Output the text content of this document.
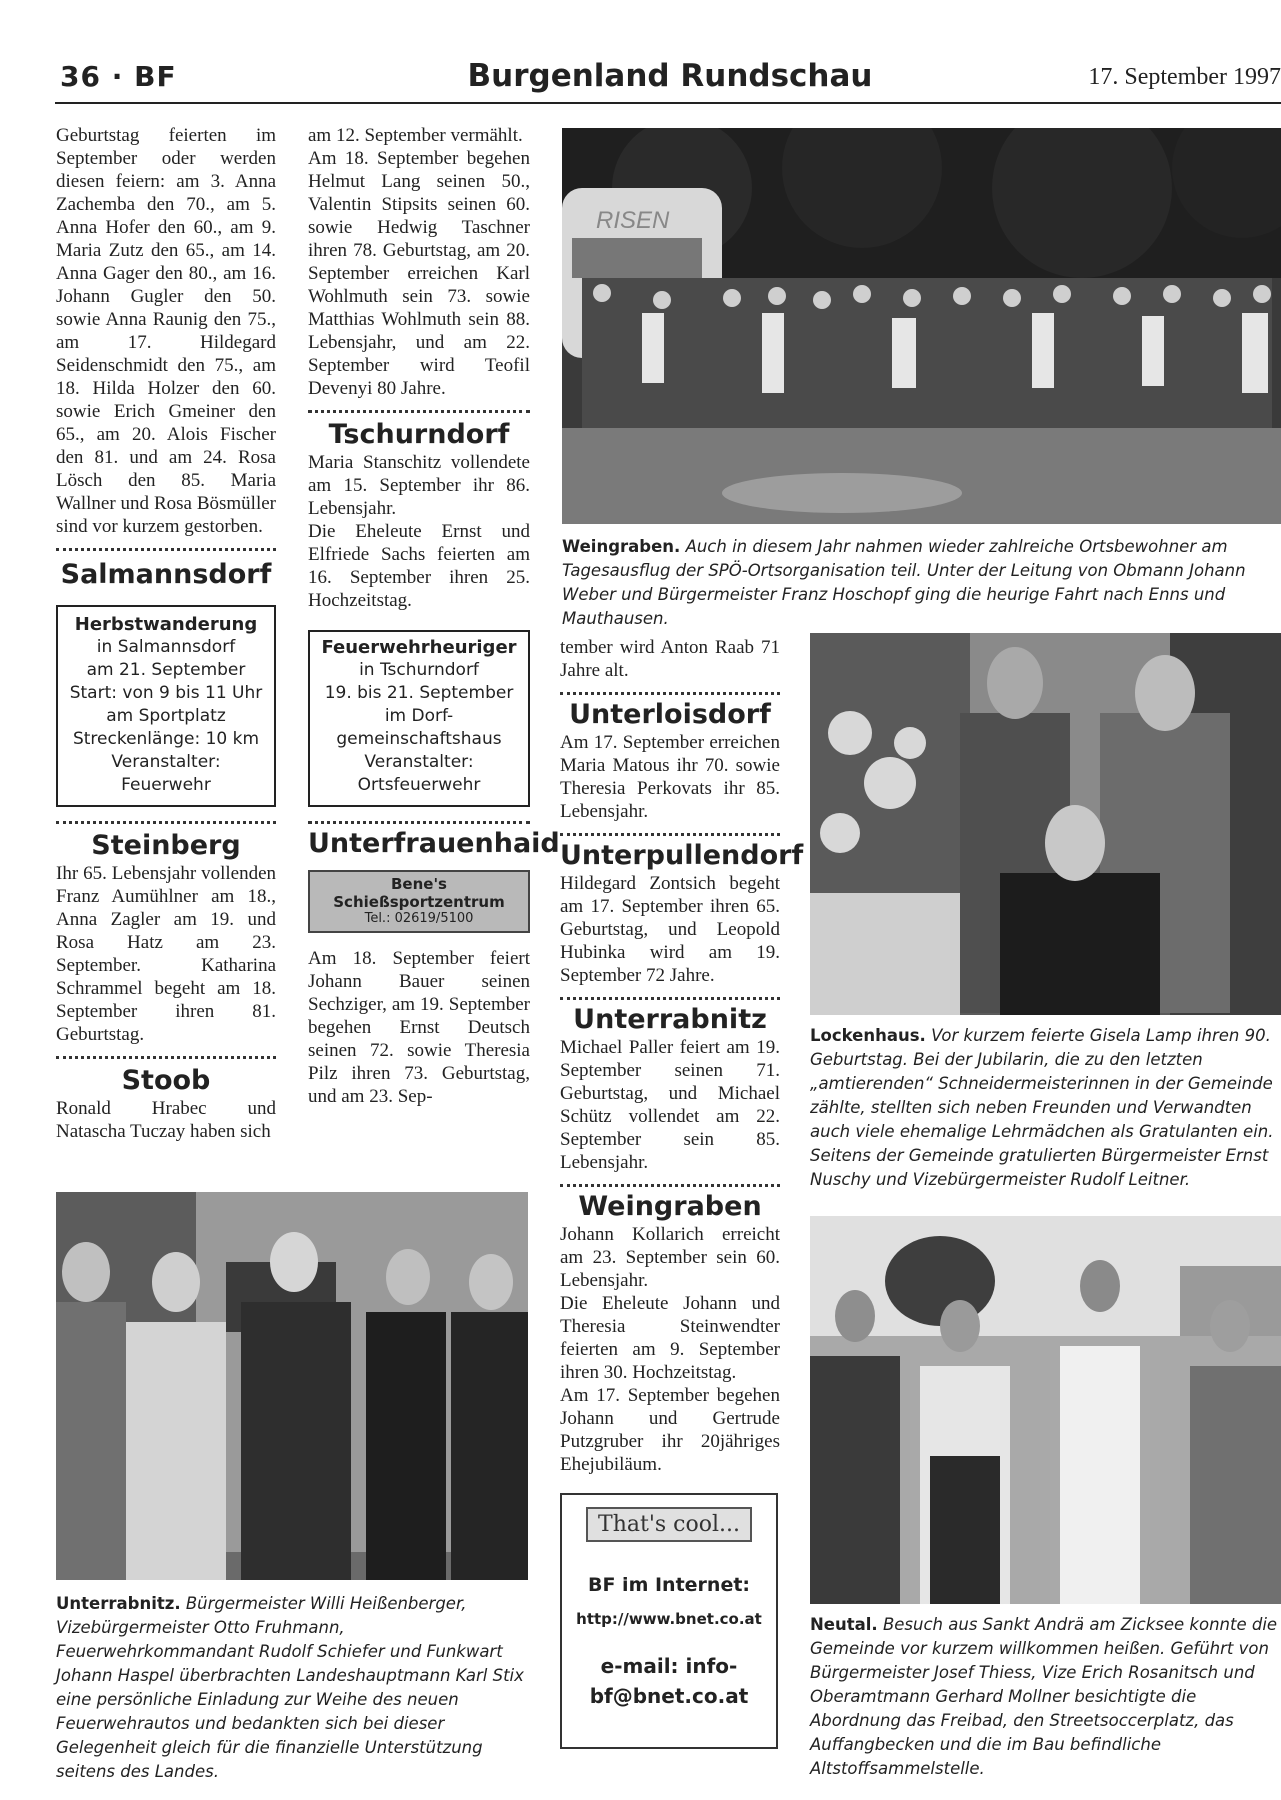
36 · BF	Burgenland Rundschau	17. September 1997
Geburtstag feierten im September oder werden diesen feiern: am 3. Anna Zachemba den 70., am 5. Anna Hofer den 60., am 9. Maria Zutz den 65., am 14. Anna Gager den 80., am 16. Johann Gugler den 50. sowie Anna Raunig den 75., am 17. Hildegard Seidenschmidt den 75., am 18. Hilda Holzer den 60. sowie Erich Gmeiner den 65., am 20. Alois Fischer den 81. und am 24. Rosa Lösch den 85. Maria Wallner und Rosa Bösmüller sind vor kurzem gestorben.
Salmannsdorf
Herbstwanderung
in Salmannsdorf
am 21. September
Start: von 9 bis 11 Uhr
am Sportplatz
Streckenlänge: 10 km
Veranstalter:
Feuerwehr
Steinberg
Ihr 65. Lebensjahr vollenden Franz Aumühlner am 18., Anna Zagler am 19. und Rosa Hatz am 23. September. Katharina Schrammel begeht am 18. September ihren 81. Geburtstag.
Stoob
Ronald Hrabec und Natascha Tuczay haben sich
am 12. September vermählt.
Am 18. September begehen Helmut Lang seinen 50., Valentin Stipsits seinen 60. sowie Hedwig Taschner ihren 78. Geburtstag, am 20. September erreichen Karl Wohlmuth sein 73. sowie Matthias Wohlmuth sein 88. Lebensjahr, und am 22. September wird Teofil Devenyi 80 Jahre.
Tschurndorf
Maria Stanschitz vollendete am 15. September ihr 86. Lebensjahr.
Die Eheleute Ernst und Elfriede Sachs feierten am 16. September ihren 25. Hochzeitstag.
Feuerwehrheuriger
in Tschurndorf
19. bis 21. September
im Dorf-
gemeinschaftshaus
Veranstalter:
Ortsfeuerwehr
Unterfrauenhaid
Bene's
Schießsportzentrum
Tel.: 02619/5100
Am 18. September feiert Johann Bauer seinen Sechziger, am 19. September begehen Ernst Deutsch seinen 72. sowie Theresia Pilz ihren 73. Geburtstag, und am 23. Sep-
RISEN
Weingraben. Auch in diesem Jahr nahmen wieder zahlreiche Ortsbewohner am Tagesausflug der SPÖ-Ortsorganisation teil. Unter der Leitung von Obmann Johann Weber und Bürgermeister Franz Hoschopf ging die heurige Fahrt nach Enns und Mauthausen.
tember wird Anton Raab 71 Jahre alt.
Unterloisdorf
Am 17. September erreichen Maria Matous ihr 70. sowie Theresia Perkovats ihr 85. Lebensjahr.
Unterpullendorf
Hildegard Zontsich begeht am 17. September ihren 65. Geburtstag, und Leopold Hubinka wird am 19. September 72 Jahre.
Unterrabnitz
Michael Paller feiert am 19. September seinen 71. Geburtstag, und Michael Schütz vollendet am 22. September sein 85. Lebensjahr.
Weingraben
Johann Kollarich erreicht am 23. September sein 60. Lebensjahr.
Die Eheleute Johann und Theresia Steinwendter feierten am 9. September ihren 30. Hochzeitstag.
Am 17. September begehen Johann und Gertrude Putzgruber ihr 20jähriges Ehejubiläum.
That's cool...
BF im Internet:
http://www.bnet.co.at
e-mail: info-
bf@bnet.co.at
Lockenhaus. Vor kurzem feierte Gisela Lamp ihren 90. Geburtstag. Bei der Jubilarin, die zu den letzten „amtierenden“ Schneidermeisterinnen in der Gemeinde zählte, stellten sich neben Freunden und Verwandten auch viele ehemalige Lehrmädchen als Gratulanten ein. Seitens der Gemeinde gratulierten Bürgermeister Ernst Nuschy und Vizebürgermeister Rudolf Leitner.
Unterrabnitz. Bürgermeister Willi Heißenberger, Vizebürgermeister Otto Fruhmann, Feuerwehrkommandant Rudolf Schiefer und Funkwart Johann Haspel überbrachten Landeshauptmann Karl Stix eine persönliche Einladung zur Weihe des neuen Feuerwehrautos und bedankten sich bei dieser Gelegenheit gleich für die finanzielle Unterstützung seitens des Landes.
Neutal. Besuch aus Sankt Andrä am Zicksee konnte die Gemeinde vor kurzem willkommen heißen. Geführt von Bürgermeister Josef Thiess, Vize Erich Rosanitsch und Oberamtmann Gerhard Mollner besichtigte die Abordnung das Freibad, den Streetsoccerplatz, das Auffangbecken und die im Bau befindliche Altstoffsammelstelle.
